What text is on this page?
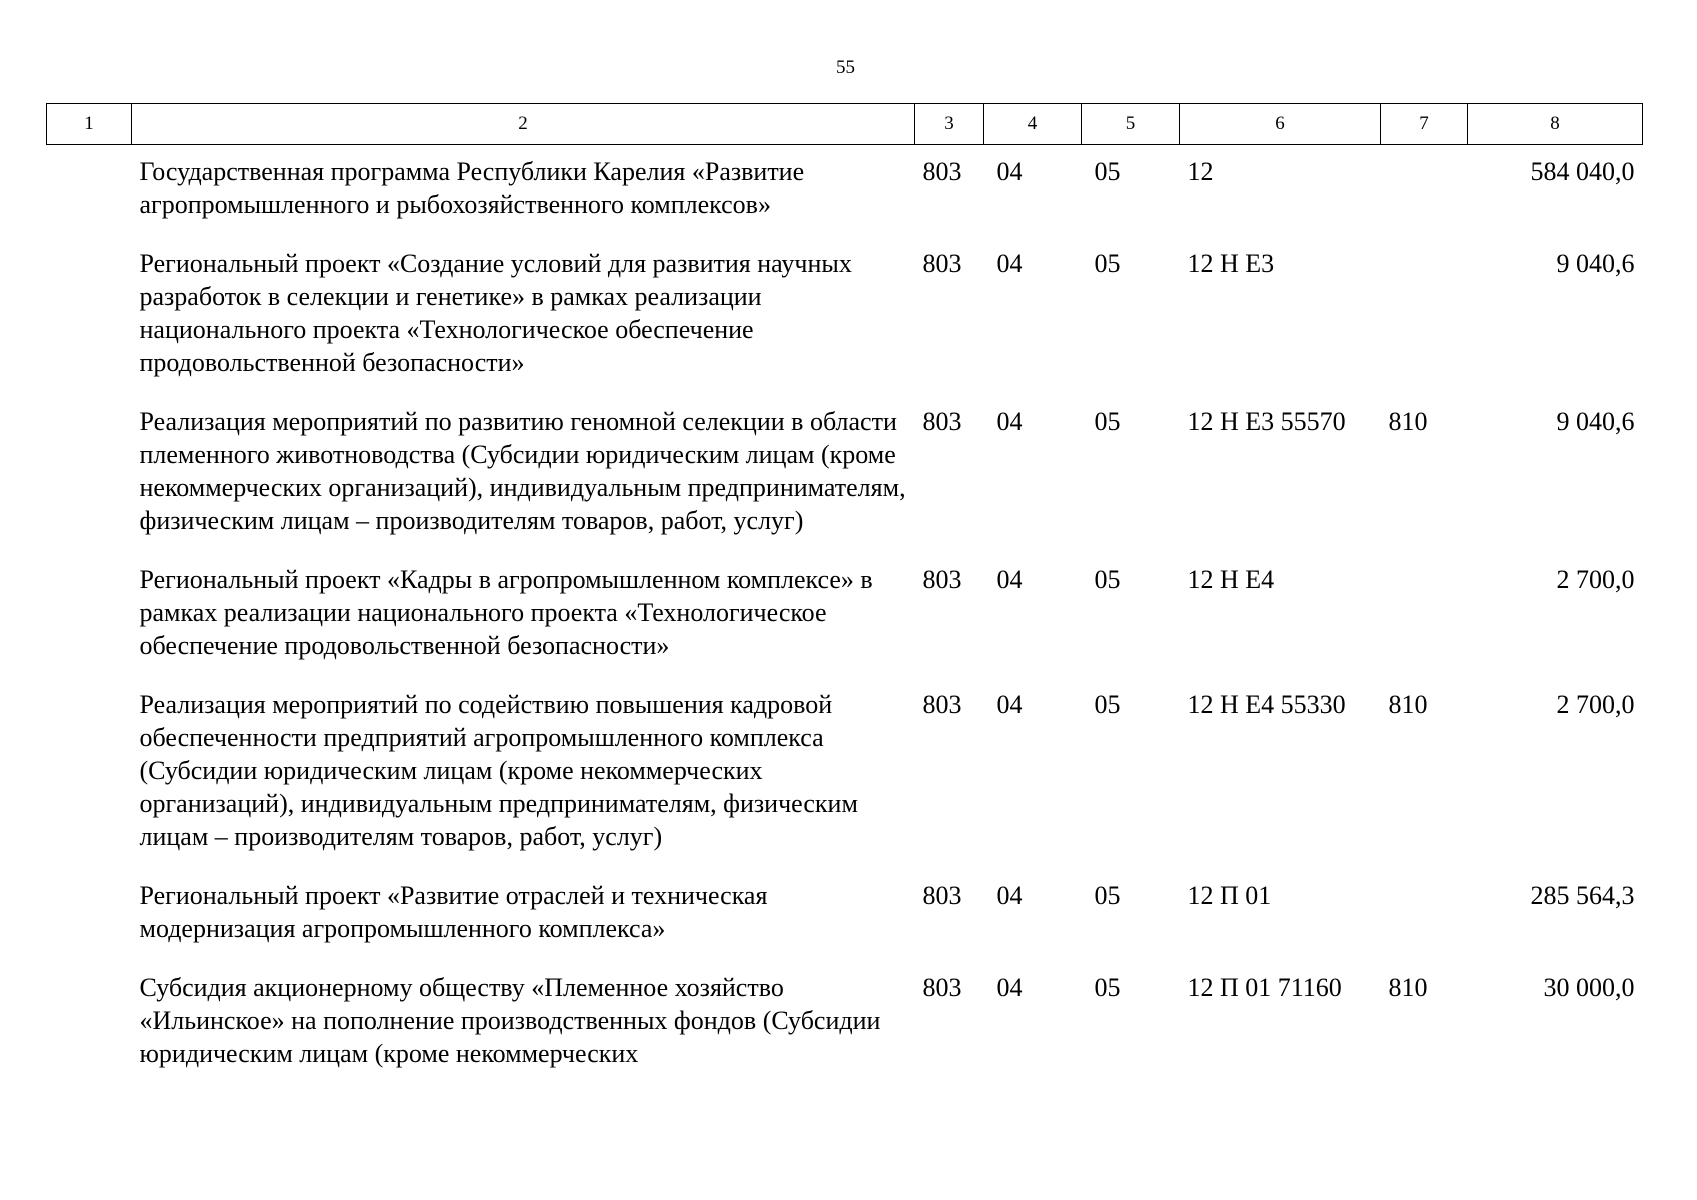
55
1	2	3	4	5	6	7	8
	Государственная программа Республики Карелия «Развитие агропромышленного и рыбохозяйственного комплексов»	803	04	05	12		584 040,0
	Региональный проект «Создание условий для развития научных разработок в селекции и генетике» в рамках реализации национального проекта «Технологическое обеспечение продовольственной безопасности»	803	04	05	12 Н Е3		9 040,6
	Реализация мероприятий по развитию геномной селекции в области племенного животноводства (Субсидии юридическим лицам (кроме некоммерческих организаций), индивидуальным предпринимателям, физическим лицам – производителям товаров, работ, услуг)	803	04	05	12 Н Е3 55570	810	9 040,6
	Региональный проект «Кадры в агропромышленном комплексе» в рамках реализации национального проекта «Технологическое обеспечение продовольственной безопасности»	803	04	05	12 Н Е4		2 700,0
	Реализация мероприятий по содействию повышения кадровой обеспеченности предприятий агропромышленного комплекса (Субсидии юридическим лицам (кроме некоммерческих организаций), индивидуальным предпринимателям, физическим лицам – производителям товаров, работ, услуг)	803	04	05	12 Н Е4 55330	810	2 700,0
	Региональный проект «Развитие отраслей и техническая модернизация агропромышленного комплекса»	803	04	05	12 П 01		285 564,3
	Субсидия акционерному обществу «Племенное хозяйство «Ильинское» на пополнение производственных фондов (Субсидии юридическим лицам (кроме некоммерческих	803	04	05	12 П 01 71160	810	30 000,0
